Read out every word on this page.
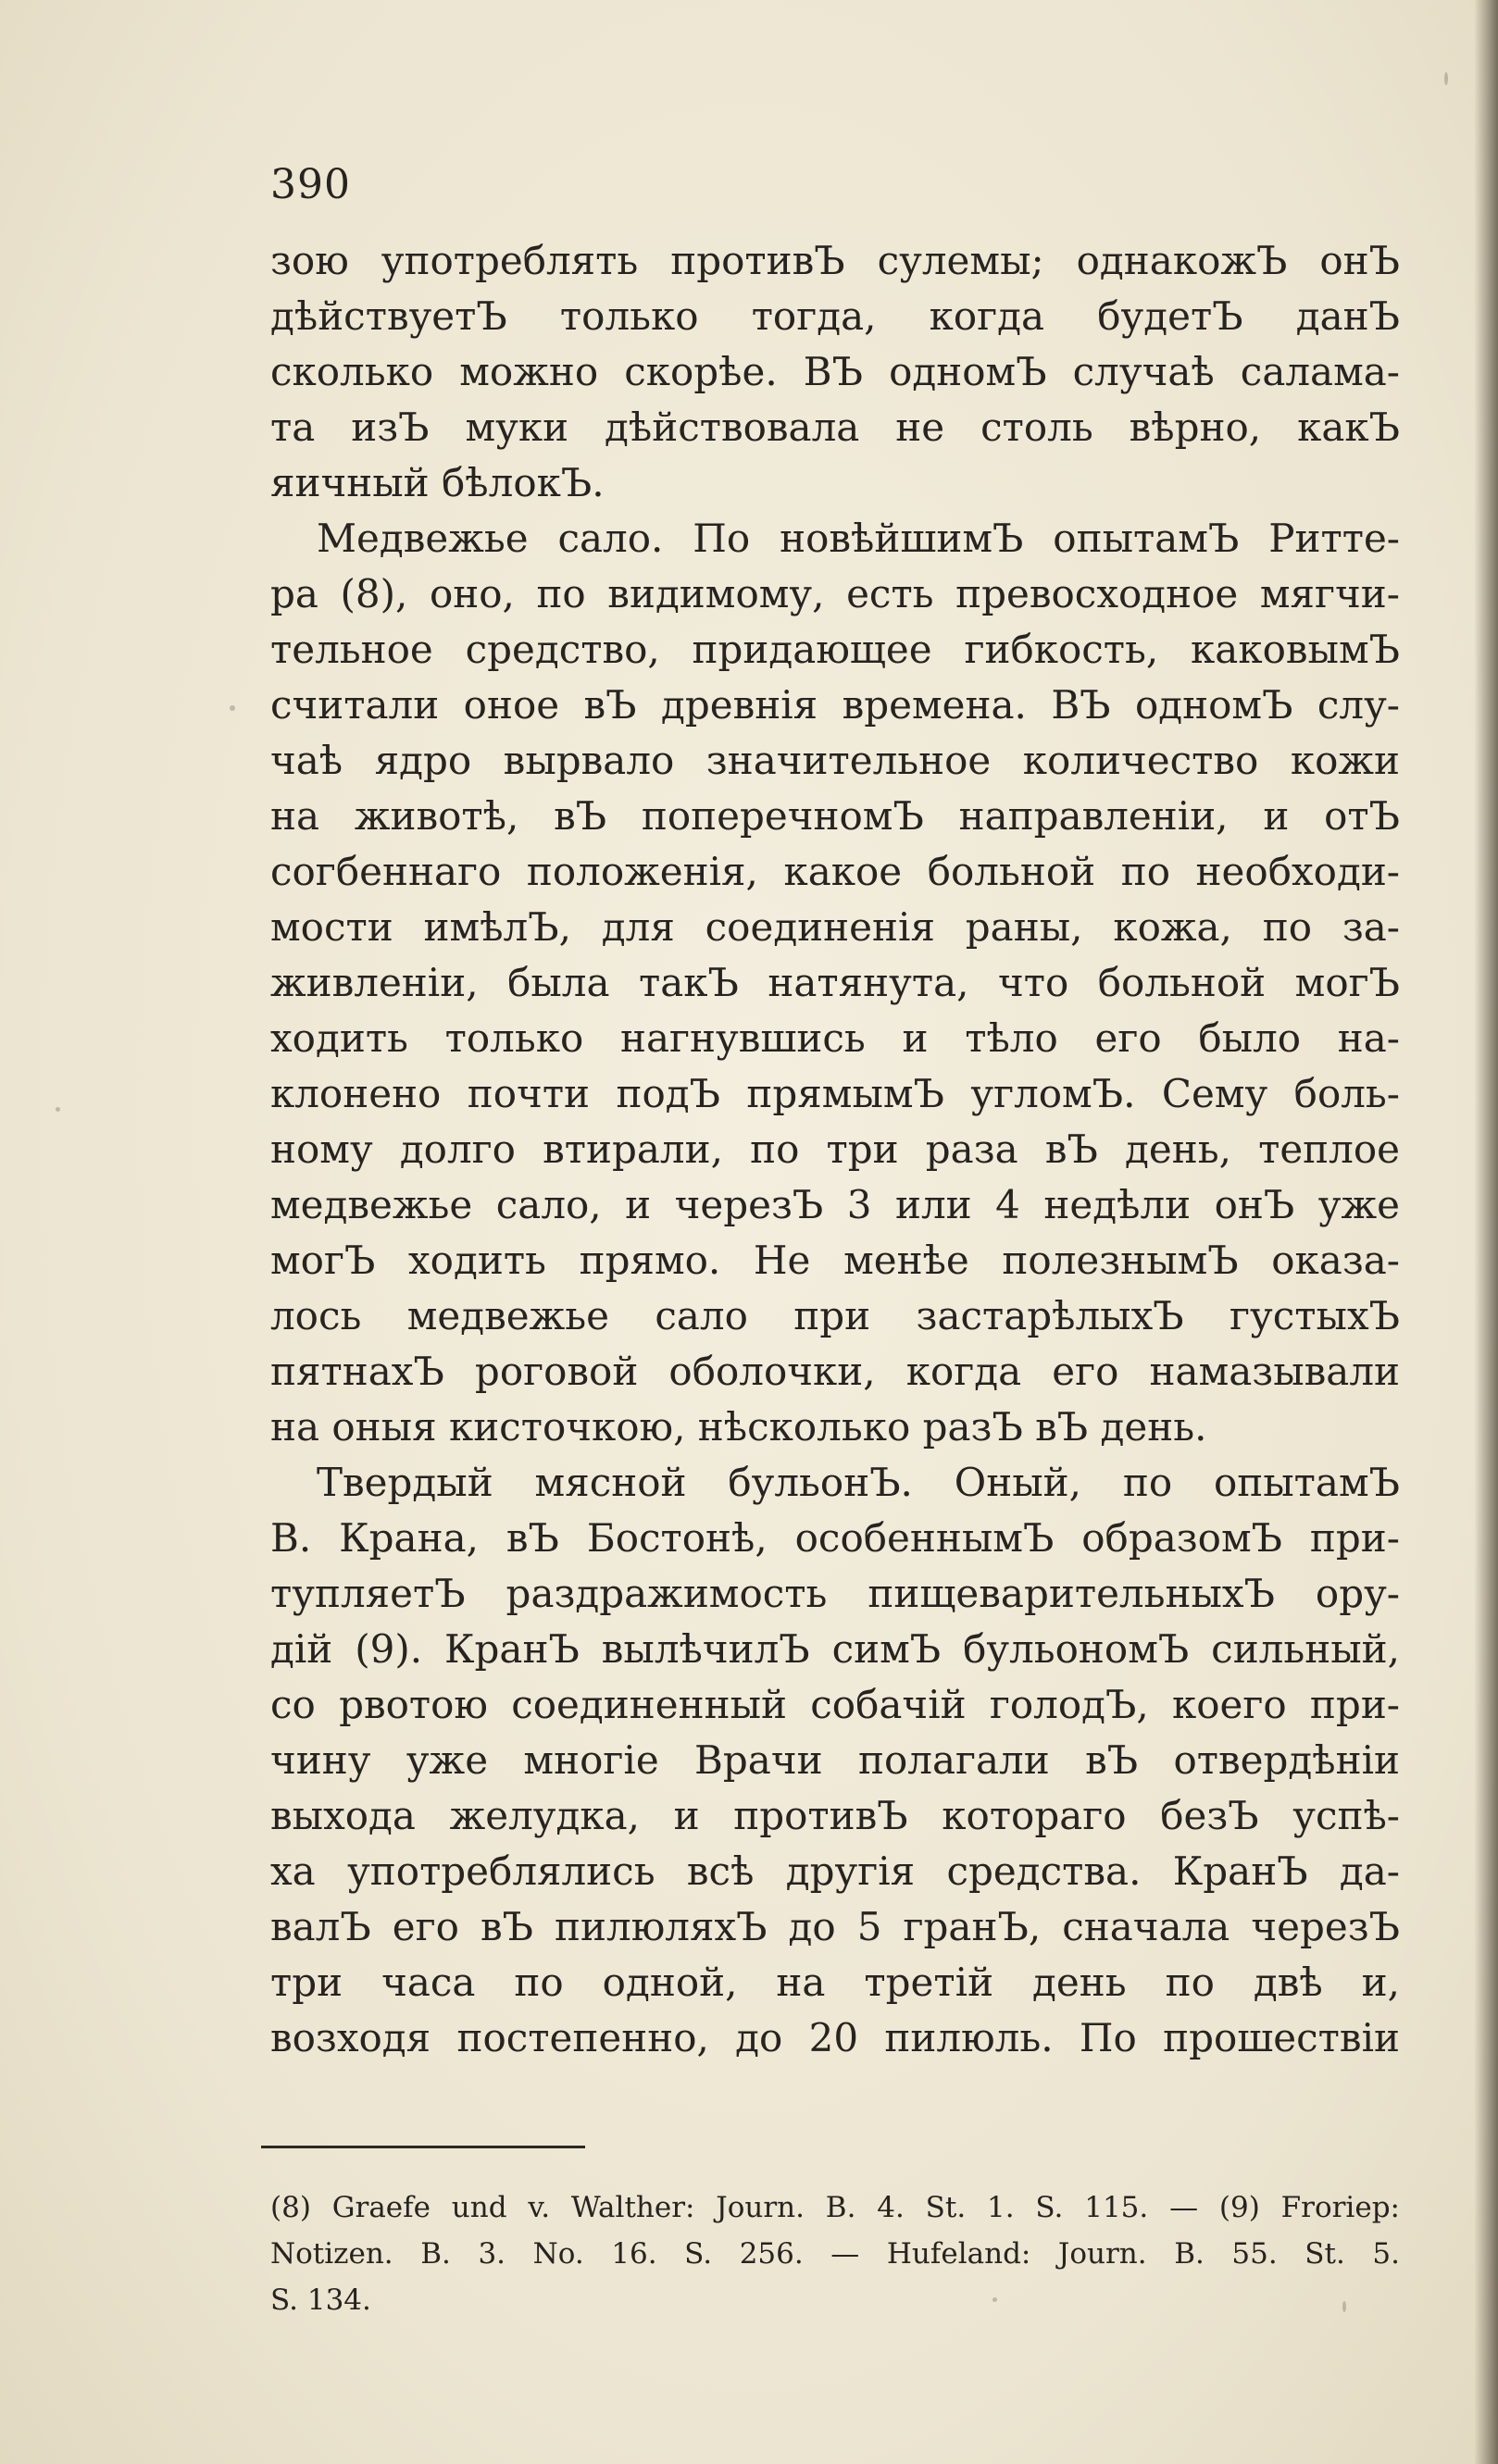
390
зою употреблять противЪ сулемы; однакожЪ онЪ
дѣйствуетЪ только тогда, когда будетЪ данЪ
сколько можно скорѣе. ВЪ одномЪ случаѣ салама-
та изЪ муки дѣйствовала не столь вѣрно, какЪ
яичный бѣлокЪ.
Медвежье сало. По новѣйшимЪ опытамЪ Ритте-
ра (8), оно, по видимому, есть превосходное мягчи-
тельное средство, придающее гибкость, каковымЪ
считали оное вЪ древнія времена. ВЪ одномЪ слу-
чаѣ ядро вырвало значительное количество кожи
на животѣ, вЪ поперечномЪ направленіи, и отЪ
согбеннаго положенія, какое больной по необходи-
мости имѣлЪ, для соединенія раны, кожа, по за-
живленіи, была такЪ натянута, что больной могЪ
ходить только нагнувшись и тѣло его было на-
клонено почти подЪ прямымЪ угломЪ. Сему боль-
ному долго втирали, по три раза вЪ день, теплое
медвежье сало, и черезЪ 3 или 4 недѣли онЪ уже
могЪ ходить прямо. Не менѣе полезнымЪ оказа-
лось медвежье сало при застарѣлыхЪ густыхЪ
пятнахЪ роговой оболочки, когда его намазывали
на оныя кисточкою, нѣсколько разЪ вЪ день.
Твердый мясной бульонЪ. Оный, по опытамЪ
В. Крана, вЪ Бостонѣ, особеннымЪ образомЪ при-
тупляетЪ раздражимость пищеварительныхЪ ору-
дій (9). КранЪ вылѣчилЪ симЪ бульономЪ сильный,
со рвотою соединенный собачій голодЪ, коего при-
чину уже многіе Врачи полагали вЪ отвердѣніи
выхода желудка, и противЪ котораго безЪ успѣ-
ха употреблялись всѣ другія средства. КранЪ да-
валЪ его вЪ пилюляхЪ до 5 гранЪ, сначала черезЪ
три часа по одной, на третій день по двѣ и,
возходя постепенно, до 20 пилюль. По прошествіи
(8) Graefe und v. Walther: Journ. B. 4. St. 1. S. 115. — (9) Froriep:
Notizen. B. 3. No. 16. S. 256. — Hufeland: Journ. B. 55. St. 5.
S. 134.
